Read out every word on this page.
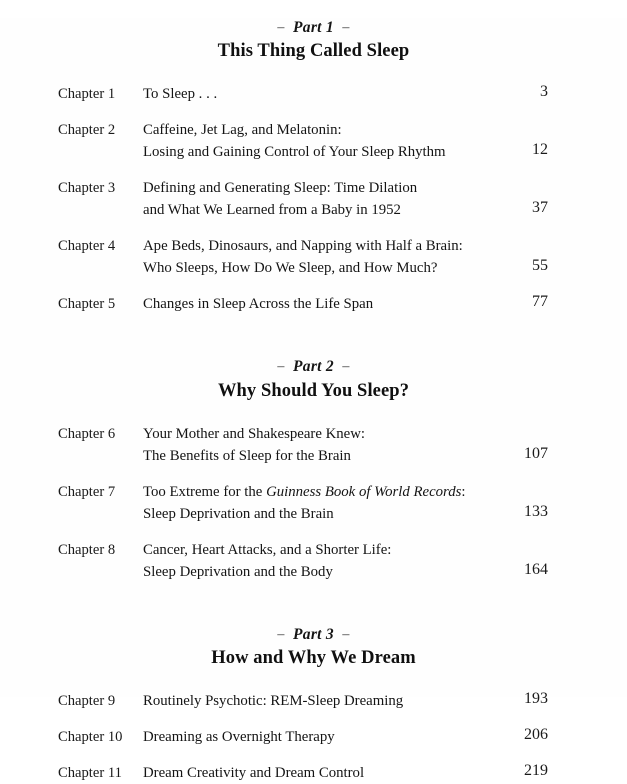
– Part 1 –
This Thing Called Sleep
Chapter 1	To Sleep . . .	3
Chapter 2	Caffeine, Jet Lag, and Melatonin:
Losing and Gaining Control of Your Sleep Rhythm	12
Chapter 3	Defining and Generating Sleep: Time Dilation
and What We Learned from a Baby in 1952	37
Chapter 4	Ape Beds, Dinosaurs, and Napping with Half a Brain:
Who Sleeps, How Do We Sleep, and How Much?	55
Chapter 5	Changes in Sleep Across the Life Span	77
– Part 2 –
Why Should You Sleep?
Chapter 6	Your Mother and Shakespeare Knew:
The Benefits of Sleep for the Brain	107
Chapter 7	Too Extreme for the Guinness Book of World Records:
Sleep Deprivation and the Brain	133
Chapter 8	Cancer, Heart Attacks, and a Shorter Life:
Sleep Deprivation and the Body	164
– Part 3 –
How and Why We Dream
Chapter 9	Routinely Psychotic: REM-Sleep Dreaming	193
Chapter 10	Dreaming as Overnight Therapy	206
Chapter 11	Dream Creativity and Dream Control	219
